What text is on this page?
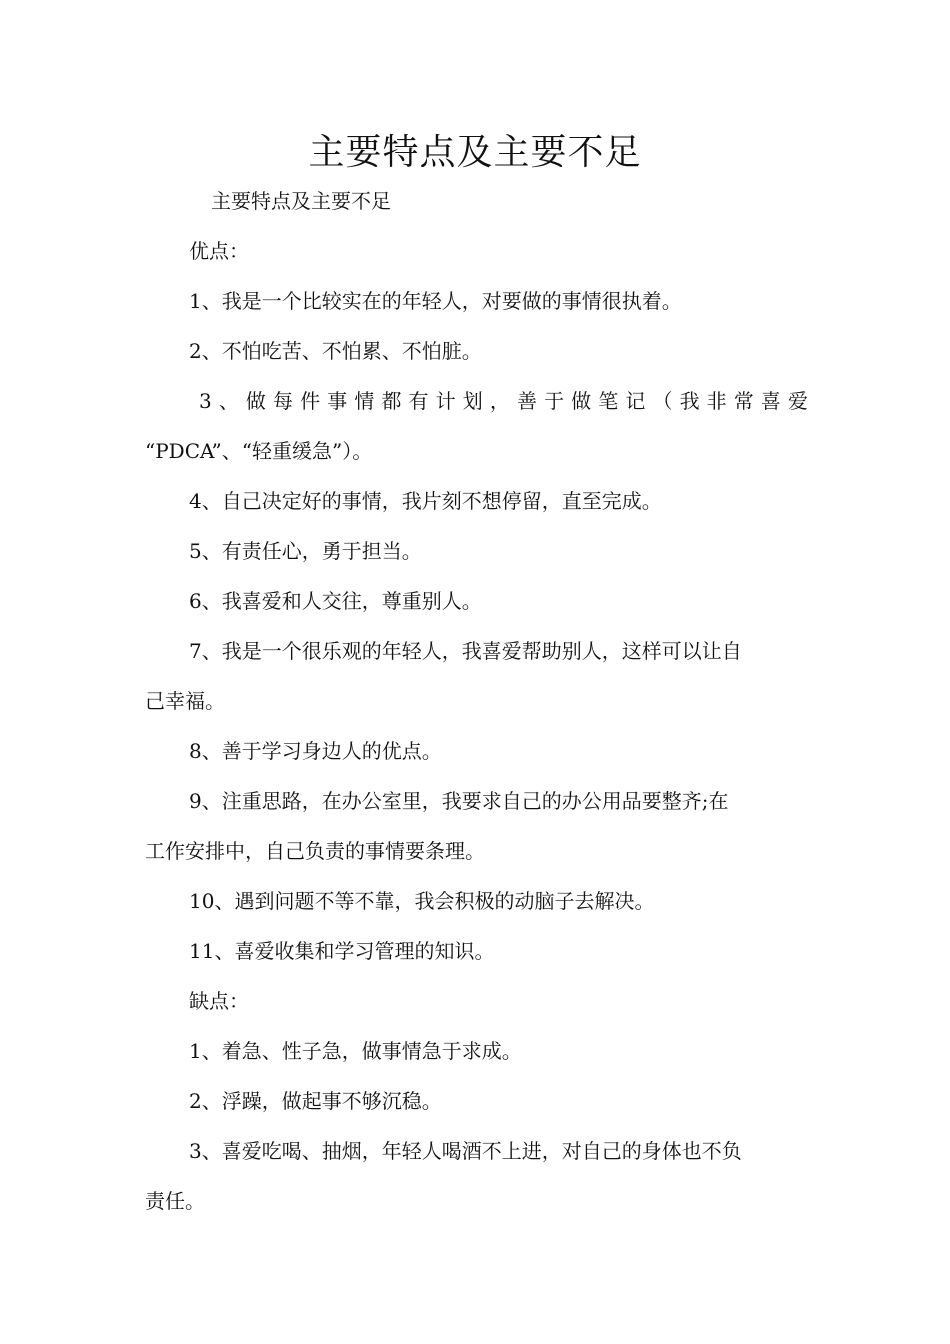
主要特点及主要不足
主要特点及主要不足
优点：
1、我是一个比较实在的年轻人，对要做的事情很执着。
2、不怕吃苦、不怕累、不怕脏。
3、做每件事情都有计划，善于做笔记（我非常喜爱
“PDCA”、“轻重缓急”）。
4、自己决定好的事情，我片刻不想停留，直至完成。
5、有责任心，勇于担当。
6、我喜爱和人交往，尊重别人。
7、我是一个很乐观的年轻人，我喜爱帮助别人，这样可以让自
己幸福。
8、善于学习身边人的优点。
9、注重思路，在办公室里，我要求自己的办公用品要整齐;在
工作安排中，自己负责的事情要条理。
10、遇到问题不等不靠，我会积极的动脑子去解决。
11、喜爱收集和学习管理的知识。
缺点：
1、着急、性子急，做事情急于求成。
2、浮躁，做起事不够沉稳。
3、喜爱吃喝、抽烟，年轻人喝酒不上进，对自己的身体也不负
责任。
